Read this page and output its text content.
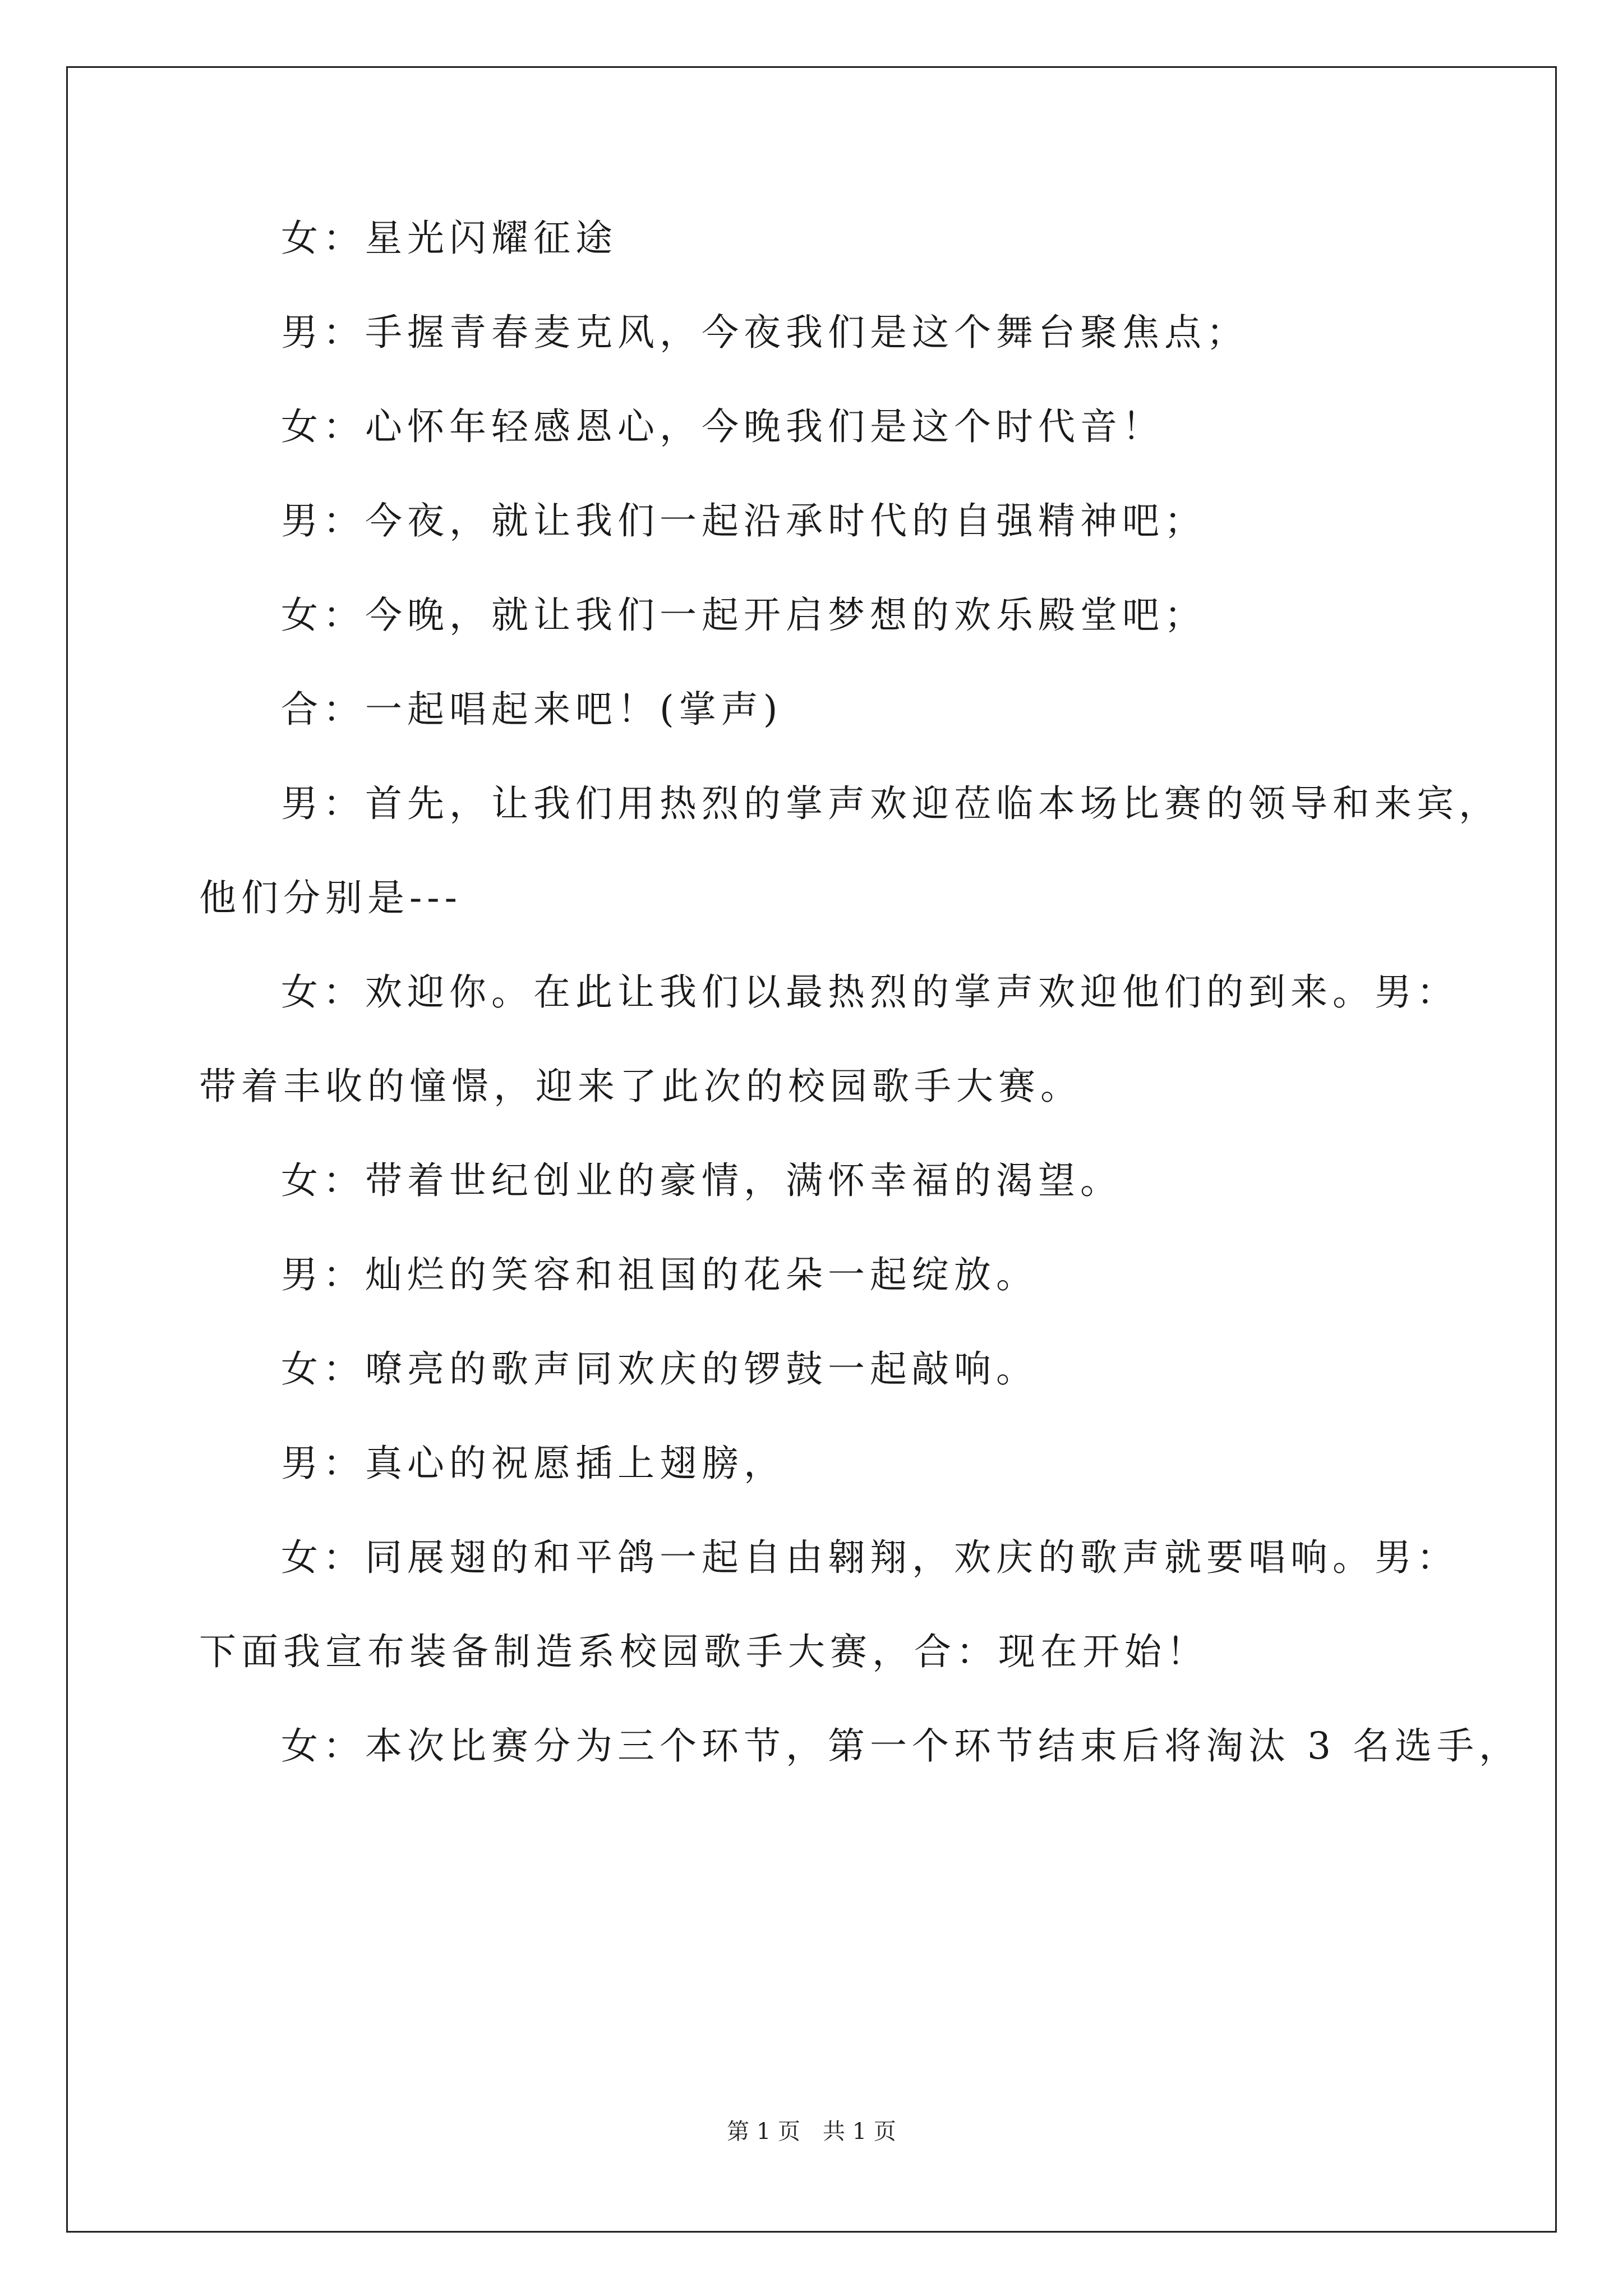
女：星光闪耀征途
男：手握青春麦克风，今夜我们是这个舞台聚焦点；
女：心怀年轻感恩心，今晚我们是这个时代音！
男：今夜，就让我们一起沿承时代的自强精神吧；
女：今晚，就让我们一起开启梦想的欢乐殿堂吧；
合：一起唱起来吧！(掌声)
男：首先，让我们用热烈的掌声欢迎莅临本场比赛的领导和来宾，
他们分别是---
女：欢迎你。在此让我们以最热烈的掌声欢迎他们的到来。男：
带着丰收的憧憬，迎来了此次的校园歌手大赛。
女：带着世纪创业的豪情，满怀幸福的渴望。
男：灿烂的笑容和祖国的花朵一起绽放。
女：嘹亮的歌声同欢庆的锣鼓一起敲响。
男：真心的祝愿插上翅膀，
女：同展翅的和平鸽一起自由翱翔，欢庆的歌声就要唱响。男：
下面我宣布装备制造系校园歌手大赛，合：现在开始！
女：本次比赛分为三个环节，第一个环节结束后将淘汰 3 名选手，
第 1 页　共 1 页
